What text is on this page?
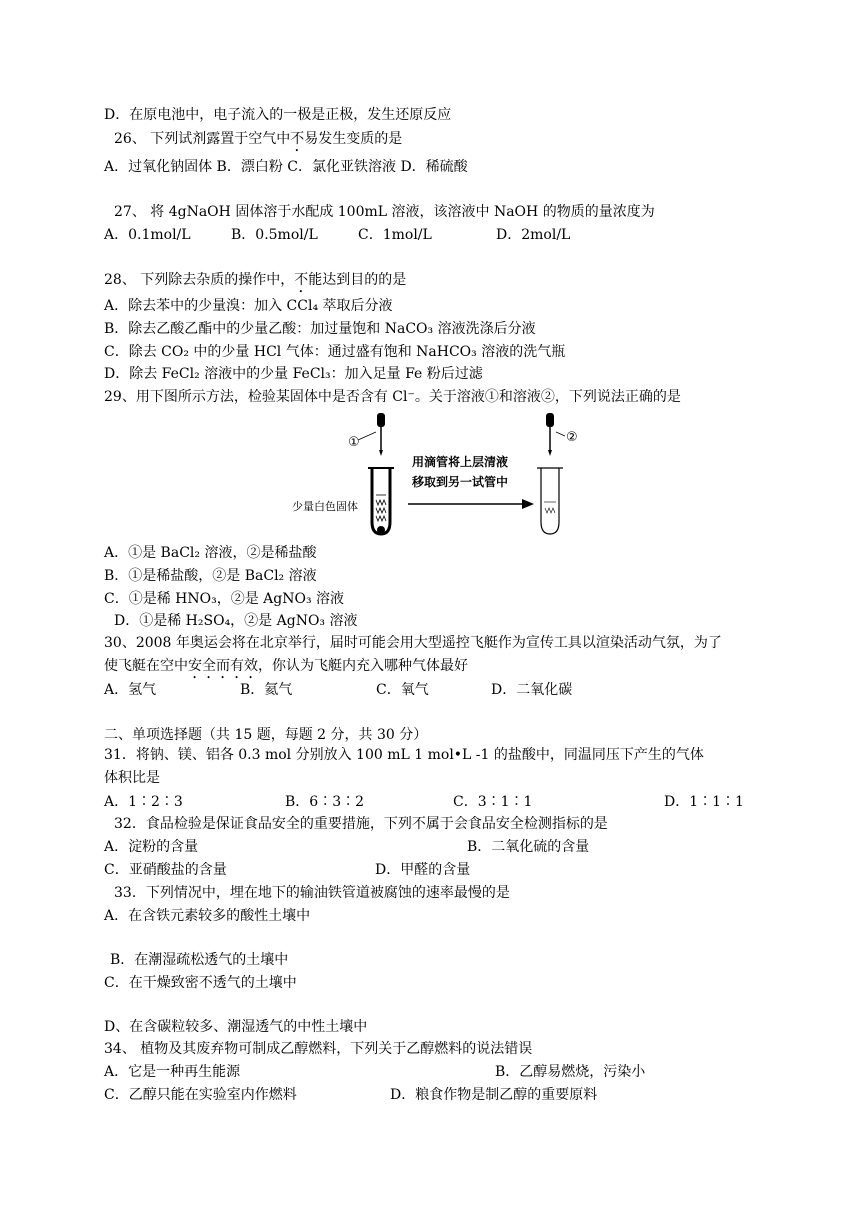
D．在原电池中，电子流入的一极是正极，发生还原反应
26、 下列试剂露置于空气中不易发生变质的是
A．过氧化钠固体 B．漂白粉 C．氯化亚铁溶液 D．稀硫酸
27、 将 4gNaOH 固体溶于水配成 100mL 溶液，该溶液中 NaOH 的物质的量浓度为
A．0.1mol/L	B．0.5mol/L	C．1mol/L	D．2mol/L
28、 下列除去杂质的操作中，不能达到目的的是
A．除去苯中的少量溴：加入 CCl₄ 萃取后分液
B．除去乙酸乙酯中的少量乙酸：加过量饱和 NaCO₃ 溶液洗涤后分液
C．除去 CO₂ 中的少量 HCl 气体：通过盛有饱和 NaHCO₃ 溶液的洗气瓶
D．除去 FeCl₂ 溶液中的少量 FeCl₃：加入足量 Fe 粉后过滤
29、用下图所示方法，检验某固体中是否含有 Cl⁻。关于溶液①和溶液②，下列说法正确的是
①
少量白色固体
用滴管将上层清液
移取到另一试管中
②
A．①是 BaCl₂ 溶液，②是稀盐酸
B．①是稀盐酸，②是 BaCl₂ 溶液
C．①是稀 HNO₃，②是 AgNO₃ 溶液
D．①是稀 H₂SO₄，②是 AgNO₃ 溶液
30、2008 年奥运会将在北京举行，届时可能会用大型遥控飞艇作为宣传工具以渲染活动气氛，为了
使飞艇在空中安全而有效，你认为飞艇内充入哪种气体最好
A．氢气	B．氦气	C．氧气	D．二氧化碳
二、单项选择题（共 15 题，每题 2 分，共 30 分）
31．将钠、镁、铝各 0.3 mol 分别放入 100 mL 1 mol•L -1 的盐酸中，同温同压下产生的气体
体积比是
A．1∶2∶3	B．6∶3∶2	C．3∶1∶1	D．1∶1∶1
32．食品检验是保证食品安全的重要措施，下列不属于会食品安全检测指标的是
A．淀粉的含量	B．二氧化硫的含量
C．亚硝酸盐的含量	D．甲醛的含量
33．下列情况中，埋在地下的输油铁管道被腐蚀的速率最慢的是
A．在含铁元素较多的酸性土壤中
B．在潮湿疏松透气的土壤中
C．在干燥致密不透气的土壤中
D、在含碳粒较多、潮湿透气的中性土壤中
34、 植物及其废弃物可制成乙醇燃料，下列关于乙醇燃料的说法错误
A．它是一种再生能源	B．乙醇易燃烧，污染小
C．乙醇只能在实验室内作燃料	D．粮食作物是制乙醇的重要原料
